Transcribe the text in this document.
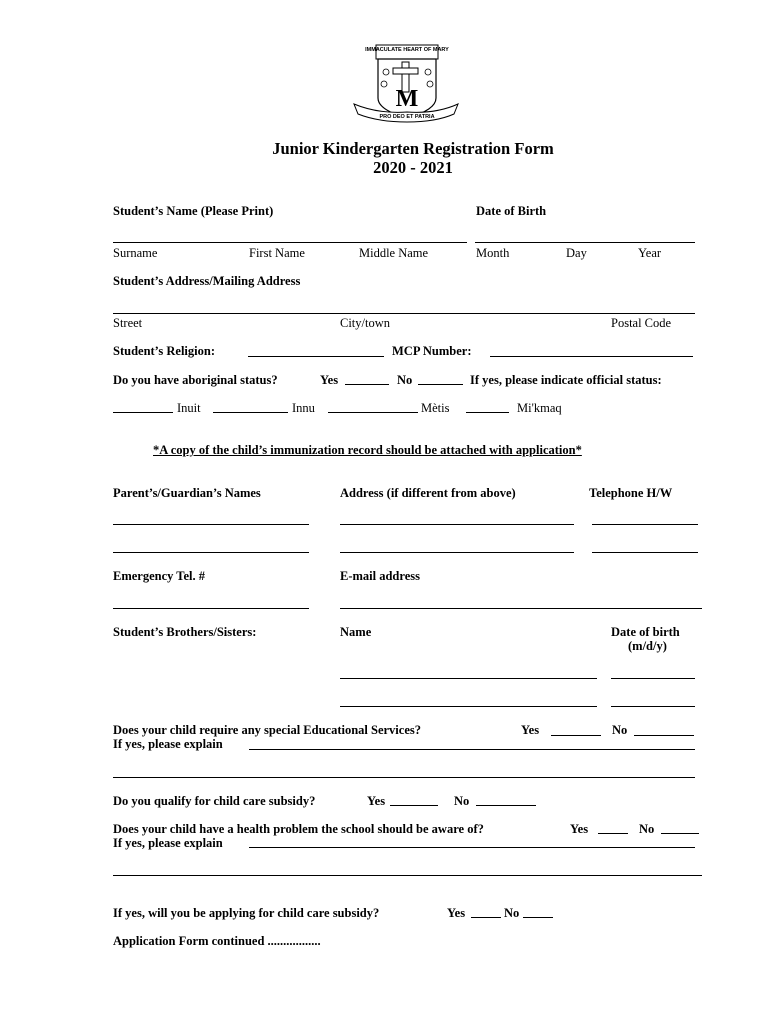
IMMACULATE HEART OF MARY
M
PRO DEO ET PATRIA
Junior Kindergarten Registration Form
2020 - 2021
Student’s Name (Please Print)	Date of Birth
Surname	First Name	Middle Name	Month	Day	Year
Student’s Address/Mailing Address
Street	City/town	Postal Code
Student’s Religion:	MCP Number:
Do you have aboriginal status?	Yes	No	If yes, please indicate official status:
Inuit	Innu	Mètis	Mi'kmaq
*A copy of the child’s immunization record should be attached with application*
Parent’s/Guardian’s Names	Address (if different from above)	Telephone H/W
Emergency Tel. #	E-mail address
Student’s Brothers/Sisters:	Name	Date of birth
(m/d/y)
Does your child require any special Educational Services?	Yes	No
If yes, please explain
Do you qualify for child care subsidy?	Yes	No
Does your child have a health problem the school should be aware of?	Yes	No
If yes, please explain
If yes, will you be applying for child care subsidy?	Yes	No
Application Form continued .................
